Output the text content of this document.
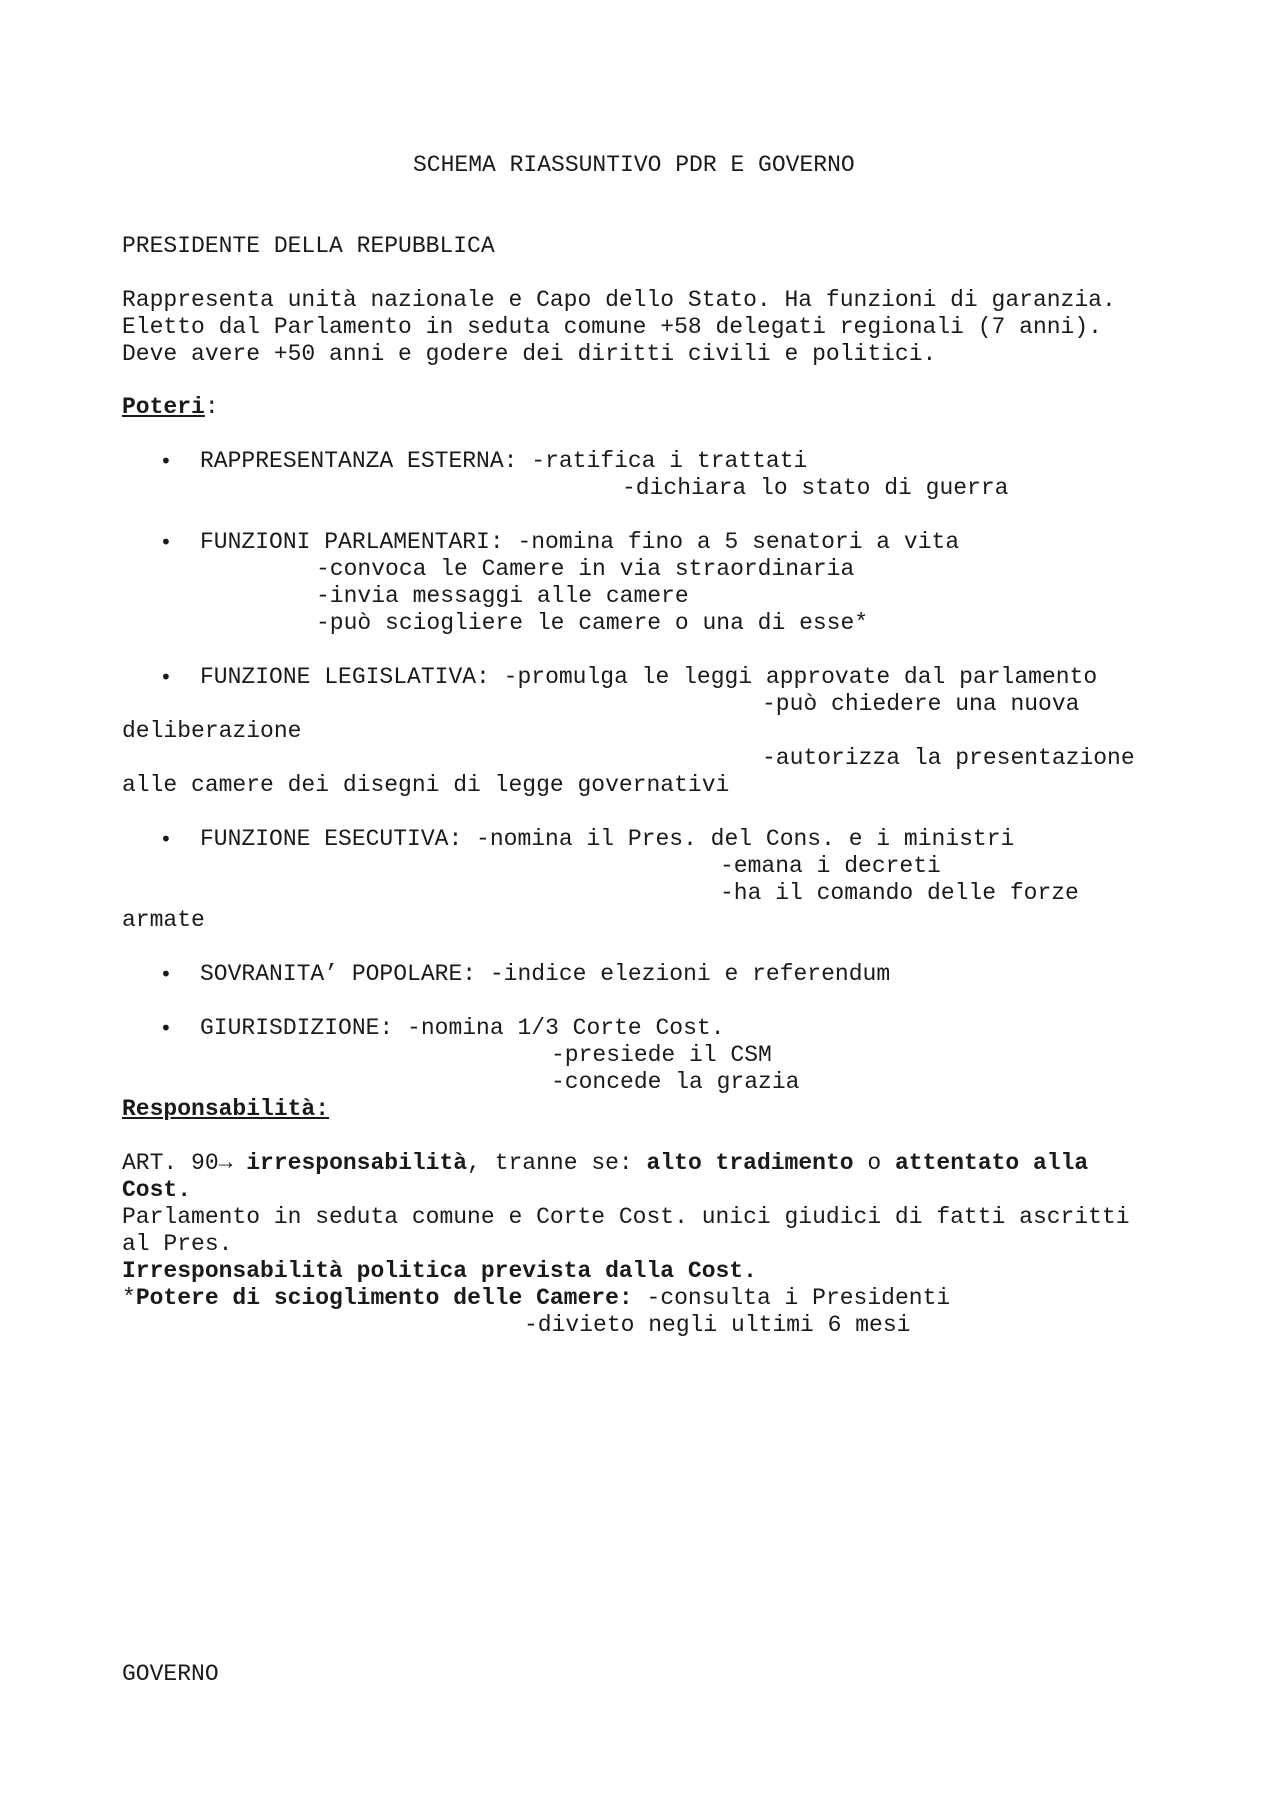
SCHEMA RIASSUNTIVO PDR E GOVERNO
PRESIDENTE DELLA REPUBBLICA
Rappresenta unità nazionale e Capo dello Stato. Ha funzioni di garanzia.
Eletto dal Parlamento in seduta comune +58 delegati regionali (7 anni).
Deve avere +50 anni e godere dei diritti civili e politici.
Poteri:
• RAPPRESENTANZA ESTERNA: -ratifica i trattati
-dichiara lo stato di guerra
• FUNZIONI PARLAMENTARI: -nomina fino a 5 senatori a vita
-convoca le Camere in via straordinaria
-invia messaggi alle camere
-può sciogliere le camere o una di esse*
• FUNZIONE LEGISLATIVA: -promulga le leggi approvate dal parlamento
-può chiedere una nuova
deliberazione
-autorizza la presentazione
alle camere dei disegni di legge governativi
• FUNZIONE ESECUTIVA: -nomina il Pres. del Cons. e i ministri
-emana i decreti
-ha il comando delle forze
armate
• SOVRANITA’ POPOLARE: -indice elezioni e referendum
• GIURISDIZIONE: -nomina 1/3 Corte Cost.
-presiede il CSM
-concede la grazia
Responsabilità:
ART. 90→ irresponsabilità, tranne se: alto tradimento o attentato alla
Cost.
Parlamento in seduta comune e Corte Cost. unici giudici di fatti ascritti
al Pres.
Irresponsabilità politica prevista dalla Cost.
*Potere di scioglimento delle Camere: -consulta i Presidenti
-divieto negli ultimi 6 mesi
GOVERNO
